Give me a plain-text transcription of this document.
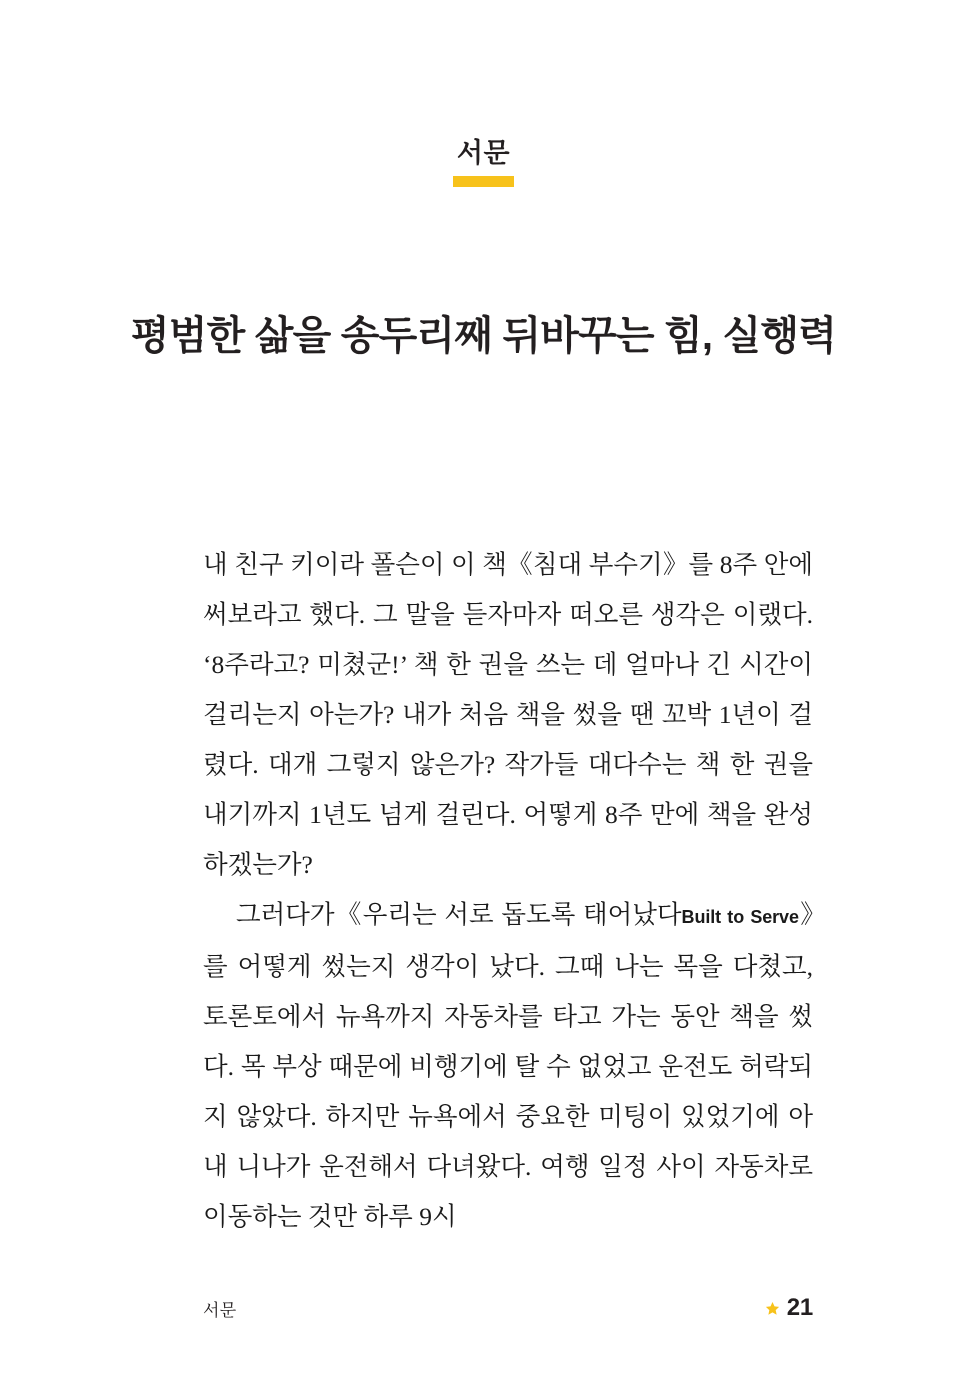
서문
평범한 삶을 송두리째 뒤바꾸는 힘, 실행력

내 친구 키이라 폴슨이 이 책《침대 부수기》를 8주 안에 써보라고 했다. 그 말을 듣자마자 떠오른 생각은 이랬다. ‘8주라고? 미쳤군!’ 책 한 권을 쓰는 데 얼마나 긴 시간이 걸리는지 아는가? 내가 처음 책을 썼을 땐 꼬박 1년이 걸렸다. 대개 그렇지 않은가? 작가들 대다수는 책 한 권을 내기까지 1년도 넘게 걸린다. 어떻게 8주 만에 책을 완성하겠는가?

그러다가《우리는 서로 돕도록 태어났다Built to Serve》를 어떻게 썼는지 생각이 났다. 그때 나는 목을 다쳤고, 토론토에서 뉴욕까지 자동차를 타고 가는 동안 책을 썼다. 목 부상 때문에 비행기에 탈 수 없었고 운전도 허락되지 않았다. 하지만 뉴욕에서 중요한 미팅이 있었기에 아내 니나가 운전해서 다녀왔다. 여행 일정 사이 자동차로 이동하는 것만 하루 9시

서문	21
